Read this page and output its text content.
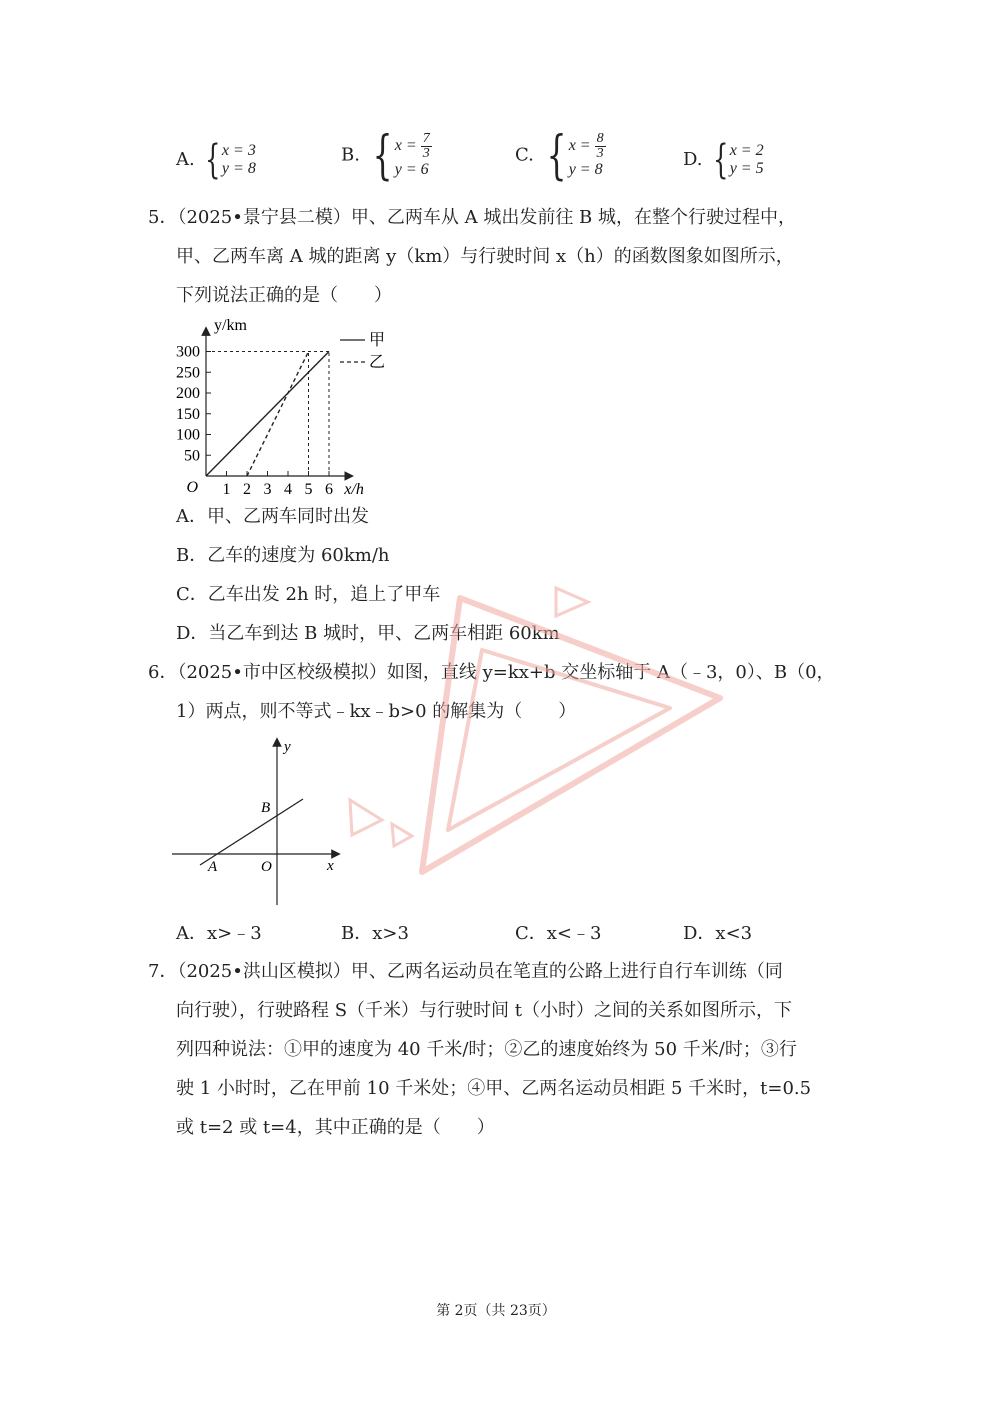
A. { x = 3
y = 8
B. { $x = \frac{7}{3}$
y = 6
C. { $x = \frac{8}{3}$
y = 8	D. { x = 2
y = 5
5．（2025•景宁县二模）甲、乙两车从 A 城出发前往 B 城，在整个行驶过程中，
甲、乙两车离 A 城的距离 y（km）与行驶时间 x（h）的函数图象如图所示，
下列说法正确的是（　　）
1 2 3 4 5 6
50
100
150
200
250
300
O
y/km
x/h
甲
乙
A．甲、乙两车同时出发
B．乙车的速度为 60km/h
C．乙车出发 2h 时，追上了甲车
D．当乙车到达 B 城时，甲、乙两车相距 60km
6．（2025•市中区校级模拟）如图，直线 y=kx+b 交坐标轴于 A（﹣3，0）、B（0，
1）两点，则不等式﹣kx﹣b>0 的解集为（　　）
y
x
O
A
B
A．x>﹣3	B．x>3	C．x<﹣3	D．x<3
7．（2025•洪山区模拟）甲、乙两名运动员在笔直的公路上进行自行车训练（同
向行驶），行驶路程 S（千米）与行驶时间 t（小时）之间的关系如图所示，下
列四种说法：①甲的速度为 40 千米/时；②乙的速度始终为 50 千米/时；③行
驶 1 小时时，乙在甲前 10 千米处；④甲、乙两名运动员相距 5 千米时，t=0.5
或 t=2 或 t=4，其中正确的是（　　）
第 2页（共 23页）
